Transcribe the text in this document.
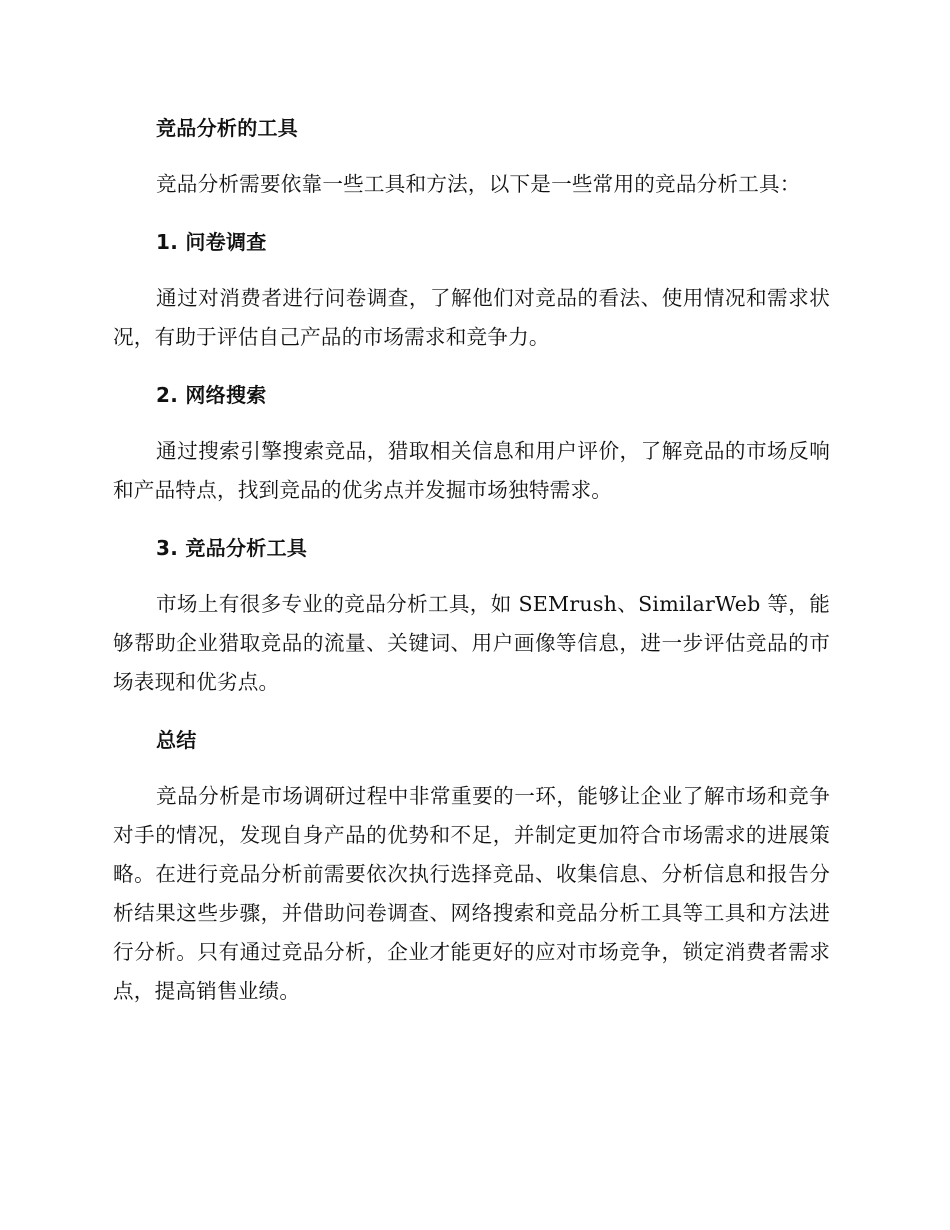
竞品分析的工具

竞品分析需要依靠一些工具和方法，以下是一些常用的竞品分析工具：

1. 问卷调查

通过对消费者进行问卷调查，了解他们对竞品的看法、使用情况和需求状况，有助于评估自己产品的市场需求和竞争力。

2. 网络搜索

通过搜索引擎搜索竞品，猎取相关信息和用户评价，了解竞品的市场反响和产品特点，找到竞品的优劣点并发掘市场独特需求。

3. 竞品分析工具

市场上有很多专业的竞品分析工具，如 SEMrush、SimilarWeb 等，能够帮助企业猎取竞品的流量、关键词、用户画像等信息，进一步评估竞品的市场表现和优劣点。

总结

竞品分析是市场调研过程中非常重要的一环，能够让企业了解市场和竞争对手的情况，发现自身产品的优势和不足，并制定更加符合市场需求的进展策略。在进行竞品分析前需要依次执行选择竞品、收集信息、分析信息和报告分析结果这些步骤，并借助问卷调查、网络搜索和竞品分析工具等工具和方法进行分析。只有通过竞品分析，企业才能更好的应对市场竞争，锁定消费者需求点，提高销售业绩。
